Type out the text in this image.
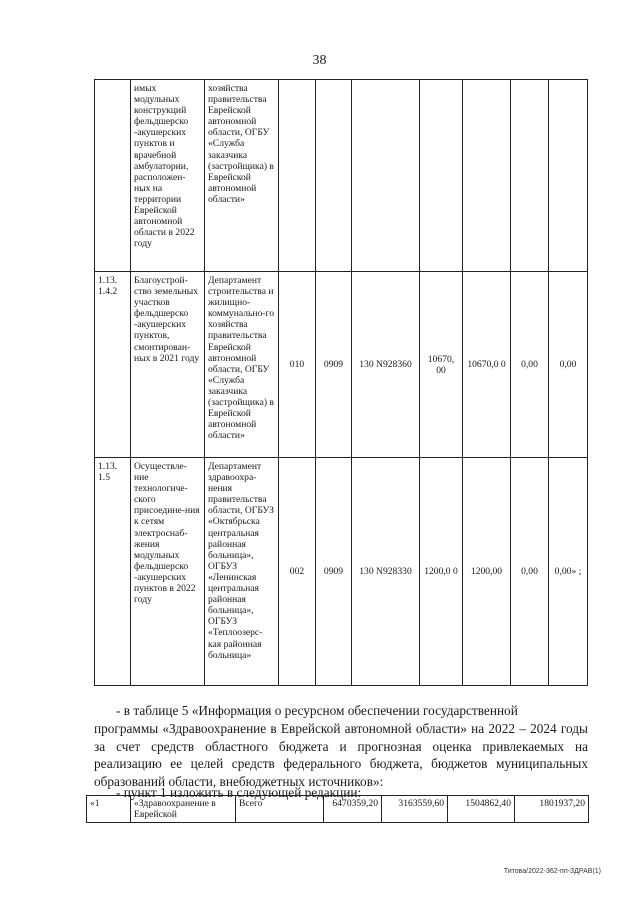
38
	имых модульных конструкций фельдшерско -акушерских пунктов и врачебной амбулатории, расположен-ных на территории Еврейской автономной области в 2022 году	хозяйства правительства Еврейской автономной области, ОГБУ «Служба заказчика (застройщика) в Еврейской автономной области»							
1.13. 1.4.2	Благоустрой-ство земельных участков фельдшерско -акушерских пунктов, смонтирован-ных в 2021 году	Департамент строительства и жилищно-коммунально-го хозяйства правительства Еврейской автономной области, ОГБУ «Служба заказчика (застройщика) в Еврейской автономной области»	010	0909	130 N928360	10670, 00	10670,0 0	0,00	0,00
1.13. 1.5	Осуществле-ние технологиче-ского присоедине-ния к сетям электроснаб-жения модульных фельдшерско -акушерских пунктов в 2022 году	Департамент здравоохра-нения правительства области, ОГБУЗ «Октябрьска центральная районная больница», ОГБУЗ «Ленинская центральная районная больница», ОГБУЗ «Теплоозерс-кая районная больница»	002	0909	130 N928330	1200,0 0	1200,00	0,00	0,00» ;
- в таблице 5 «Информация о ресурсном обеспечении государственной
программы «Здравоохранение в Еврейской автономной области» на 2022 – 2024 годы за счет средств областного бюджета и прогнозная оценка привлекаемых на реализацию ее целей средств федерального бюджета, бюджетов муниципальных образований области, внебюджетных источников»:
- пункт 1 изложить в следующей редакции:
«1	«Здравоохранение в Еврейской	Всего	6470359,20	3163559,60	1504862,40	1801937,20
Титова/2022-362-пп-ЗДРАВ(1)
